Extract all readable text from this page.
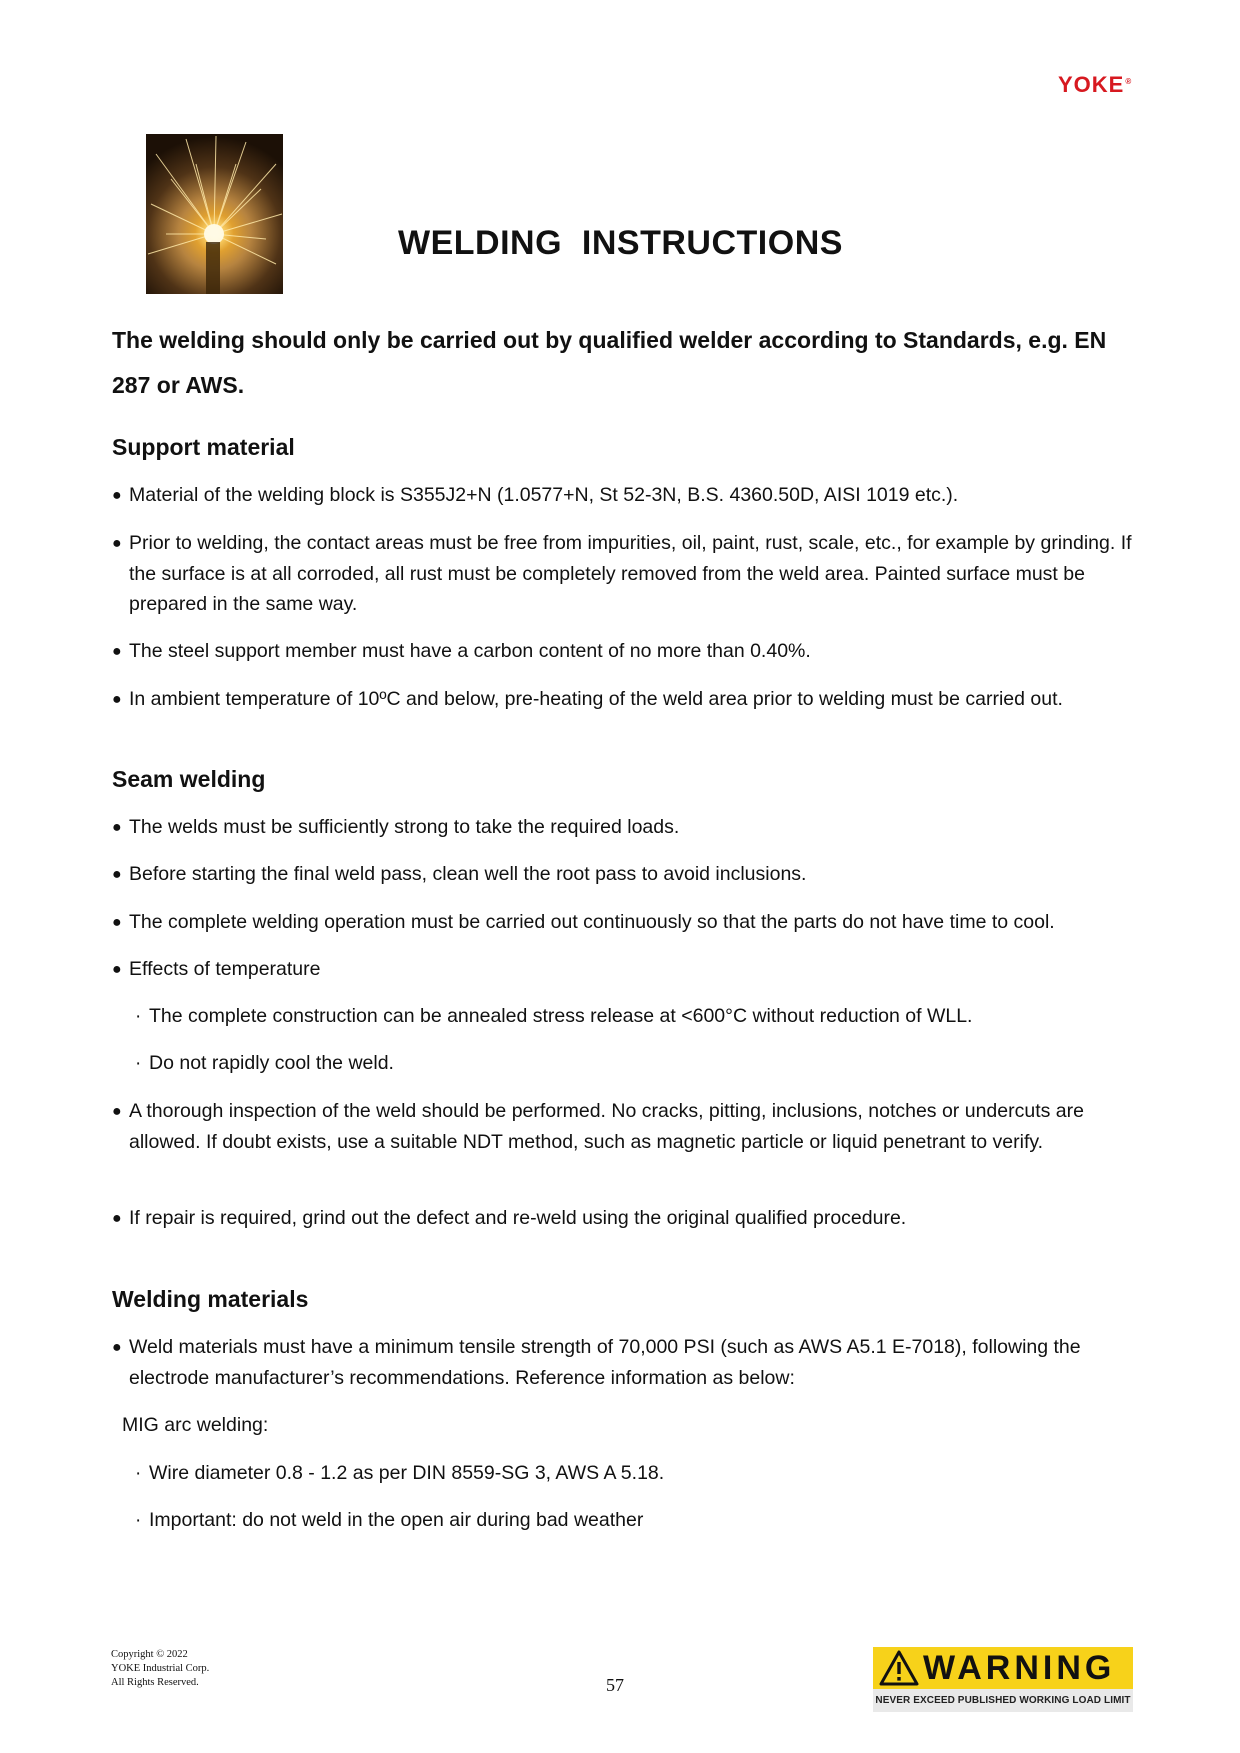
YOKE®
WELDING  INSTRUCTIONS

The welding should only be carried out by qualified welder according to Standards, e.g. EN 287 or AWS.

Support material

● Material of the welding block is S355J2+N (1.0577+N, St 52-3N, B.S. 4360.50D, AISI 1019 etc.).

● Prior to welding, the contact areas must be free from impurities, oil, paint, rust, scale, etc., for example by grinding. If the surface is at all corroded, all rust must be completely removed from the weld area. Painted surface must be prepared in the same way.

● The steel support member must have a carbon content of no more than 0.40%.

● In ambient temperature of 10ºC and below, pre-heating of the weld area prior to welding must be carried out.

Seam welding

● The welds must be sufficiently strong to take the required loads.

● Before starting the final weld pass, clean well the root pass to avoid inclusions.

● The complete welding operation must be carried out continuously so that the parts do not have time to cool.

● Effects of temperature

· The complete construction can be annealed stress release at <600°C without reduction of WLL.

· Do not rapidly cool the weld.

● A thorough inspection of the weld should be performed. No cracks, pitting, inclusions, notches or undercuts are allowed. If doubt exists, use a suitable NDT method, such as magnetic particle or liquid penetrant to verify.

● If repair is required, grind out the defect and re-weld using the original qualified procedure.

Welding materials

● Weld materials must have a minimum tensile strength of 70,000 PSI (such as AWS A5.1 E-7018), following the electrode manufacturer’s recommendations. Reference information as below:

MIG arc welding:

· Wire diameter 0.8 - 1.2 as per DIN 8559-SG 3, AWS A 5.18.

· Important: do not weld in the open air during bad weather

Copyright © 2022
YOKE Industrial Corp.
All Rights Reserved.	57	WARNING
NEVER EXCEED PUBLISHED WORKING LOAD LIMIT
